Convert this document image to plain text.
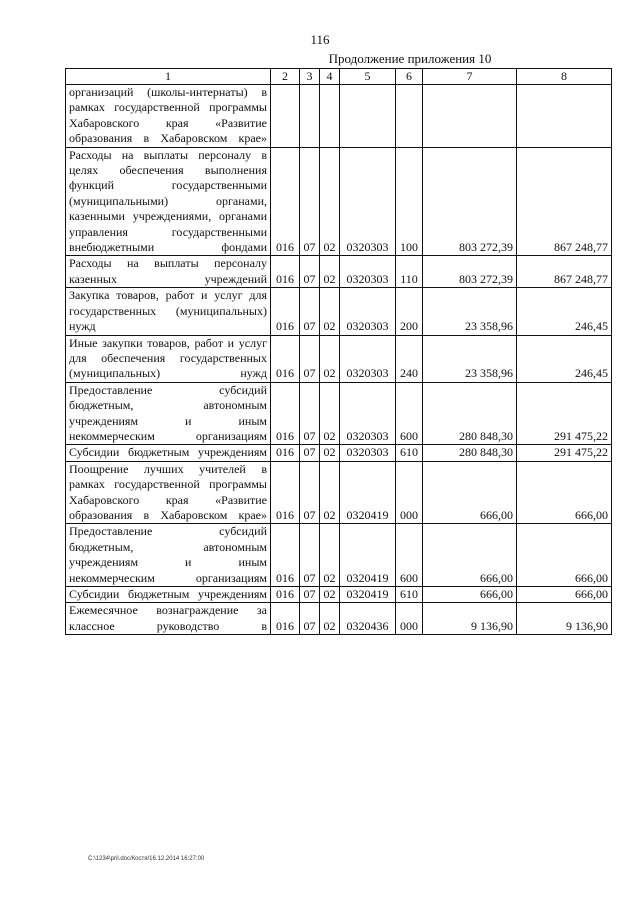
116
Продолжение приложения 10
1	2	3	4	5	6	7	8
организаций (школы-интернаты) в рамках государственной программы Хабаровского края «Развитие образования в Хабаровском крае»							
Расходы на выплаты персоналу в целях обеспечения выполнения функций государственными (муниципальными) органами, казенными учреждениями, органами управления государственными внебюджетными фондами	016	07	02	0320303	100	803 272,39	867 248,77
Расходы на выплаты персоналу казенных учреждений	016	07	02	0320303	110	803 272,39	867 248,77
Закупка товаров, работ и услуг для государственных (муниципальных) нужд	016	07	02	0320303	200	23 358,96	246,45
Иные закупки товаров, работ и услуг для обеспечения государственных (муниципальных) нужд	016	07	02	0320303	240	23 358,96	246,45
Предоставление субсидий бюджетным, автономным учреждениям и иным некоммерческим организациям	016	07	02	0320303	600	280 848,30	291 475,22
Субсидии бюджетным учреждениям	016	07	02	0320303	610	280 848,30	291 475,22
Поощрение лучших учителей в рамках государственной программы Хабаровского края «Развитие образования в Хабаровском крае»	016	07	02	0320419	000	666,00	666,00
Предоставление субсидий бюджетным, автономным учреждениям и иным некоммерческим организациям	016	07	02	0320419	600	666,00	666,00
Субсидии бюджетным учреждениям	016	07	02	0320419	610	666,00	666,00
Ежемесячное вознаграждение за классное руководство в	016	07	02	0320436	000	9 136,90	9 136,90
C:\1234\pril.doc/Костя/16.12.2014 16:27:00
